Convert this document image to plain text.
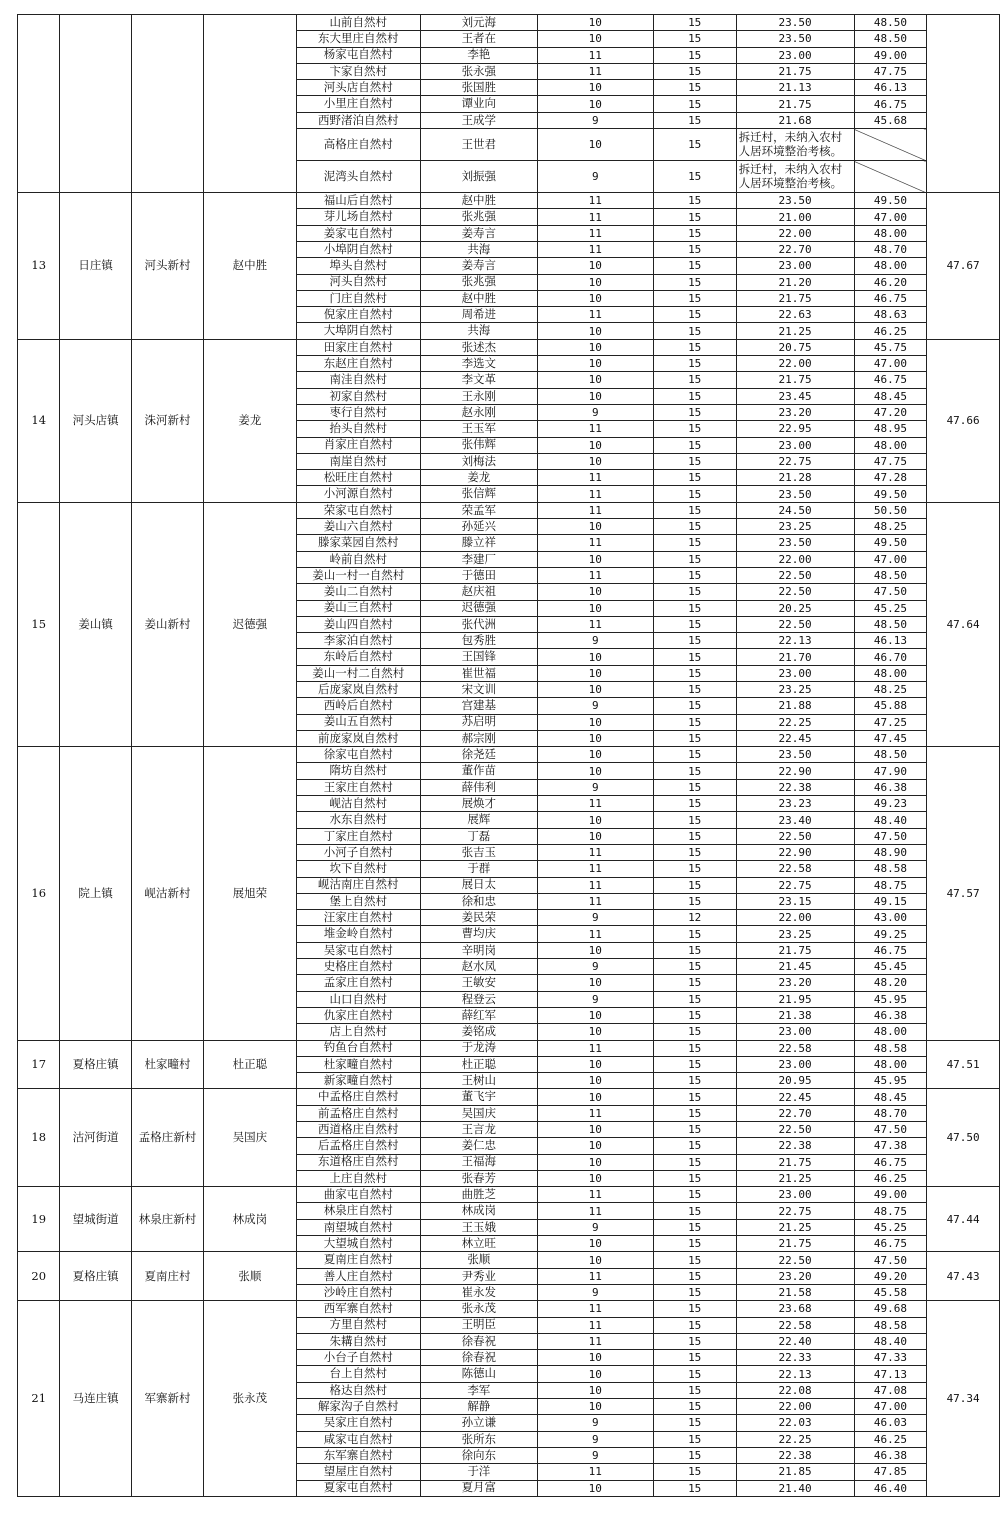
				山前自然村	刘元海	10	15	23.50	48.50	
				东大里庄自然村	王者在	10	15	23.50	48.50	
				杨家屯自然村	李艳	11	15	23.00	49.00	
				卞家自然村	张永强	11	15	21.75	47.75	
				河头店自然村	张国胜	10	15	21.13	46.13	
				小里庄自然村	谭业向	10	15	21.75	46.75	
				西野渚泊自然村	王成学	9	15	21.68	45.68	
				高格庄自然村	王世君	10	15	拆迁村，未纳入农村人居环境整治考核。		
				泥湾头自然村	刘振强	9	15	拆迁村，未纳入农村人居环境整治考核。		
13	日庄镇	河头新村	赵中胜	福山后自然村	赵中胜	11	15	23.50	49.50	47.67
				芽儿场自然村	张兆强	11	15	21.00	47.00	
				姜家屯自然村	姜寿言	11	15	22.00	48.00	
				小埠阴自然村	共海	11	15	22.70	48.70	
				埠头自然村	姜寿言	10	15	23.00	48.00	
				河头自然村	张兆强	10	15	21.20	46.20	
				门庄自然村	赵中胜	10	15	21.75	46.75	
				倪家庄自然村	周希进	11	15	22.63	48.63	
				大埠阴自然村	共海	10	15	21.25	46.25	
14	河头店镇	洙河新村	姜龙	田家庄自然村	张述杰	10	15	20.75	45.75	47.66
				东赵庄自然村	李选文	10	15	22.00	47.00	
				南洼自然村	李文革	10	15	21.75	46.75	
				初家自然村	王永刚	10	15	23.45	48.45	
				枣行自然村	赵永刚	9	15	23.20	47.20	
				抬头自然村	王玉军	11	15	22.95	48.95	
				肖家庄自然村	张伟辉	10	15	23.00	48.00	
				南崖自然村	刘梅法	10	15	22.75	47.75	
				松旺庄自然村	姜龙	11	15	21.28	47.28	
				小河源自然村	张信辉	11	15	23.50	49.50	
15	姜山镇	姜山新村	迟德强	荣家屯自然村	荣孟军	11	15	24.50	50.50	47.64
				姜山六自然村	孙延兴	10	15	23.25	48.25	
				滕家菜园自然村	滕立祥	11	15	23.50	49.50	
				岭前自然村	李建厂	10	15	22.00	47.00	
				姜山一村一自然村	于德田	11	15	22.50	48.50	
				姜山二自然村	赵庆祖	10	15	22.50	47.50	
				姜山三自然村	迟德强	10	15	20.25	45.25	
				姜山四自然村	张代洲	11	15	22.50	48.50	
				李家泊自然村	包秀胜	9	15	22.13	46.13	
				东岭后自然村	王国锋	10	15	21.70	46.70	
				姜山一村二自然村	崔世福	10	15	23.00	48.00	
				后庞家岚自然村	宋文训	10	15	23.25	48.25	
				西岭后自然村	宫建基	9	15	21.88	45.88	
				姜山五自然村	苏启明	10	15	22.25	47.25	
				前庞家岚自然村	郝宗刚	10	15	22.45	47.45	
16	院上镇	岘沽新村	展旭荣	徐家屯自然村	徐尧廷	10	15	23.50	48.50	47.57
				隋坊自然村	董作苗	10	15	22.90	47.90	
				王家庄自然村	薛伟利	9	15	22.38	46.38	
				岘沽自然村	展焕才	11	15	23.23	49.23	
				水东自然村	展辉	10	15	23.40	48.40	
				丁家庄自然村	丁磊	10	15	22.50	47.50	
				小河子自然村	张吉玉	11	15	22.90	48.90	
				坎下自然村	于群	11	15	22.58	48.58	
				岘沽南庄自然村	展日太	11	15	22.75	48.75	
				堡上自然村	徐和忠	11	15	23.15	49.15	
				汪家庄自然村	姜民荣	9	12	22.00	43.00	
				堆金岭自然村	曹均庆	11	15	23.25	49.25	
				吴家屯自然村	辛明岗	10	15	21.75	46.75	
				史格庄自然村	赵水凤	9	15	21.45	45.45	
				孟家庄自然村	王敏安	10	15	23.20	48.20	
				山口自然村	程登云	9	15	21.95	45.95	
				仇家庄自然村	薛红军	10	15	21.38	46.38	
				店上自然村	姜铭成	10	15	23.00	48.00	
17	夏格庄镇	杜家疃村	杜正聪	钓鱼台自然村	于龙涛	11	15	22.58	48.58	47.51
				杜家疃自然村	杜正聪	10	15	23.00	48.00	
				新家疃自然村	王树山	10	15	20.95	45.95	
18	沽河街道	孟格庄新村	吴国庆	中孟格庄自然村	董飞宇	10	15	22.45	48.45	47.50
				前孟格庄自然村	吴国庆	11	15	22.70	48.70	
				西道格庄自然村	王言龙	10	15	22.50	47.50	
				后孟格庄自然村	姜仁忠	10	15	22.38	47.38	
				东道格庄自然村	王福海	10	15	21.75	46.75	
				上庄自然村	张春芳	10	15	21.25	46.25	
19	望城街道	林泉庄新村	林成岗	曲家屯自然村	曲胜芝	11	15	23.00	49.00	47.44
				林泉庄自然村	林成岗	11	15	22.75	48.75	
				南望城自然村	王玉娥	9	15	21.25	45.25	
				大望城自然村	林立旺	10	15	21.75	46.75	
20	夏格庄镇	夏南庄村	张顺	夏南庄自然村	张顺	10	15	22.50	47.50	47.43
				善人庄自然村	尹秀业	11	15	23.20	49.20	
				沙岭庄自然村	崔永发	9	15	21.58	45.58	
21	马连庄镇	军寨新村	张永茂	西军寨自然村	张永茂	11	15	23.68	49.68	47.34
				方里自然村	王明臣	11	15	22.58	48.58	
				朱耩自然村	徐春祝	11	15	22.40	48.40	
				小台子自然村	徐春祝	10	15	22.33	47.33	
				台上自然村	陈德山	10	15	22.13	47.13	
				格达自然村	李军	10	15	22.08	47.08	
				解家沟子自然村	解静	10	15	22.00	47.00	
				吴家庄自然村	孙立谦	9	15	22.03	46.03	
				咸家屯自然村	张所东	9	15	22.25	46.25	
				东军寨自然村	徐向东	9	15	22.38	46.38	
				望屋庄自然村	于洋	11	15	21.85	47.85	
				夏家屯自然村	夏月富	10	15	21.40	46.40	
